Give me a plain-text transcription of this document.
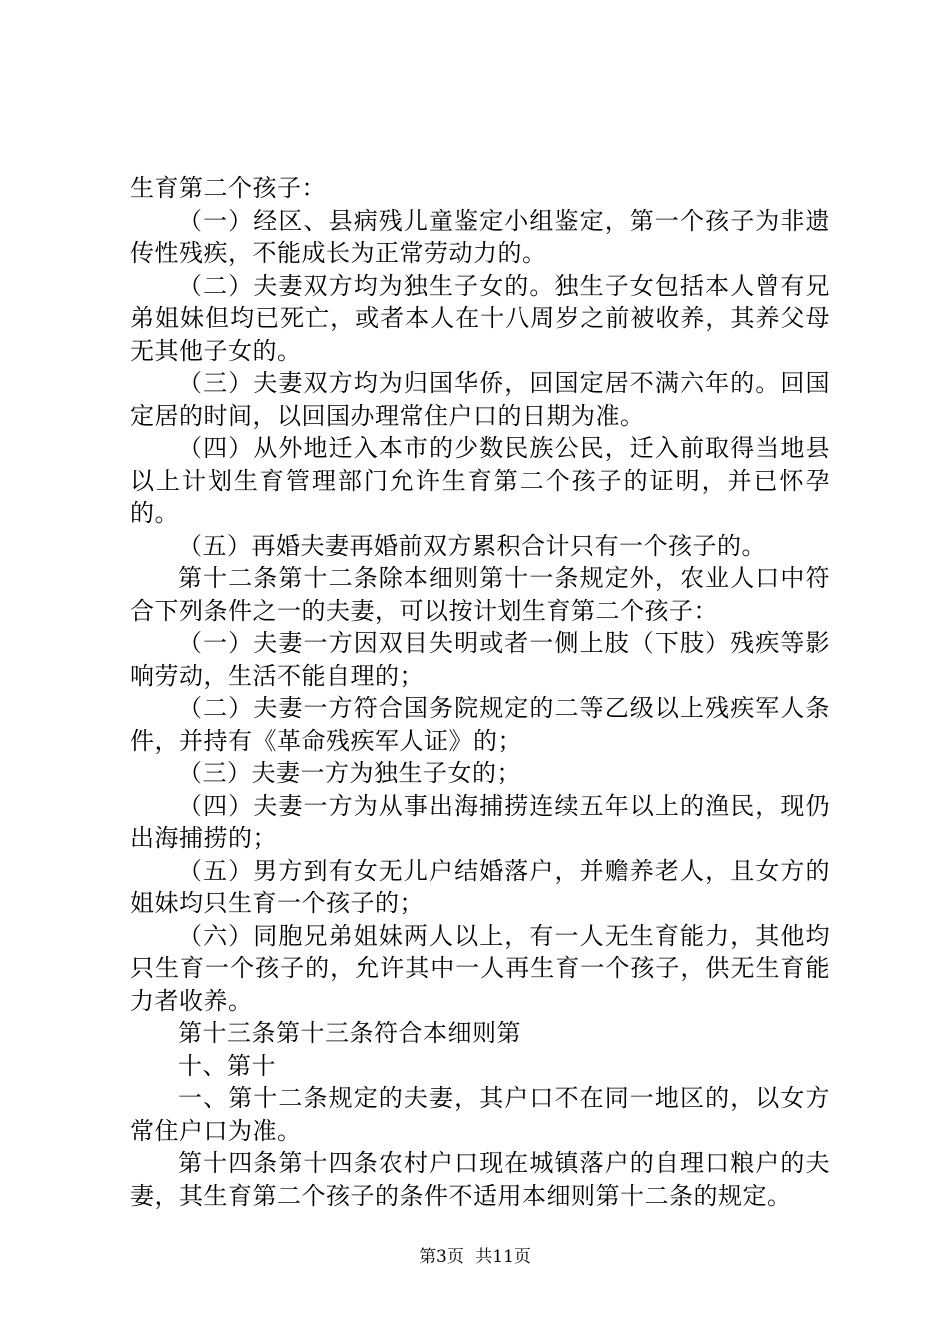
生育第二个孩子：

（一）经区、县病残儿童鉴定小组鉴定，第一个孩子为非遗传性残疾，不能成长为正常劳动力的。

（二）夫妻双方均为独生子女的。独生子女包括本人曾有兄弟姐妹但均已死亡，或者本人在十八周岁之前被收养，其养父母无其他子女的。

（三）夫妻双方均为归国华侨，回国定居不满六年的。回国定居的时间，以回国办理常住户口的日期为准。

（四）从外地迁入本市的少数民族公民，迁入前取得当地县以上计划生育管理部门允许生育第二个孩子的证明，并已怀孕的。

（五）再婚夫妻再婚前双方累积合计只有一个孩子的。

第十二条第十二条除本细则第十一条规定外，农业人口中符合下列条件之一的夫妻，可以按计划生育第二个孩子：

（一）夫妻一方因双目失明或者一侧上肢（下肢）残疾等影响劳动，生活不能自理的；

（二）夫妻一方符合国务院规定的二等乙级以上残疾军人条件，并持有《革命残疾军人证》的；

（三）夫妻一方为独生子女的；

（四）夫妻一方为从事出海捕捞连续五年以上的渔民，现仍出海捕捞的；

（五）男方到有女无儿户结婚落户，并赡养老人，且女方的姐妹均只生育一个孩子的；

（六）同胞兄弟姐妹两人以上，有一人无生育能力，其他均只生育一个孩子的，允许其中一人再生育一个孩子，供无生育能力者收养。

第十三条第十三条符合本细则第

十、第十

一、第十二条规定的夫妻，其户口不在同一地区的，以女方常住户口为准。

第十四条第十四条农村户口现在城镇落户的自理口粮户的夫妻，其生育第二个孩子的条件不适用本细则第十二条的规定。

第3页 共11页
